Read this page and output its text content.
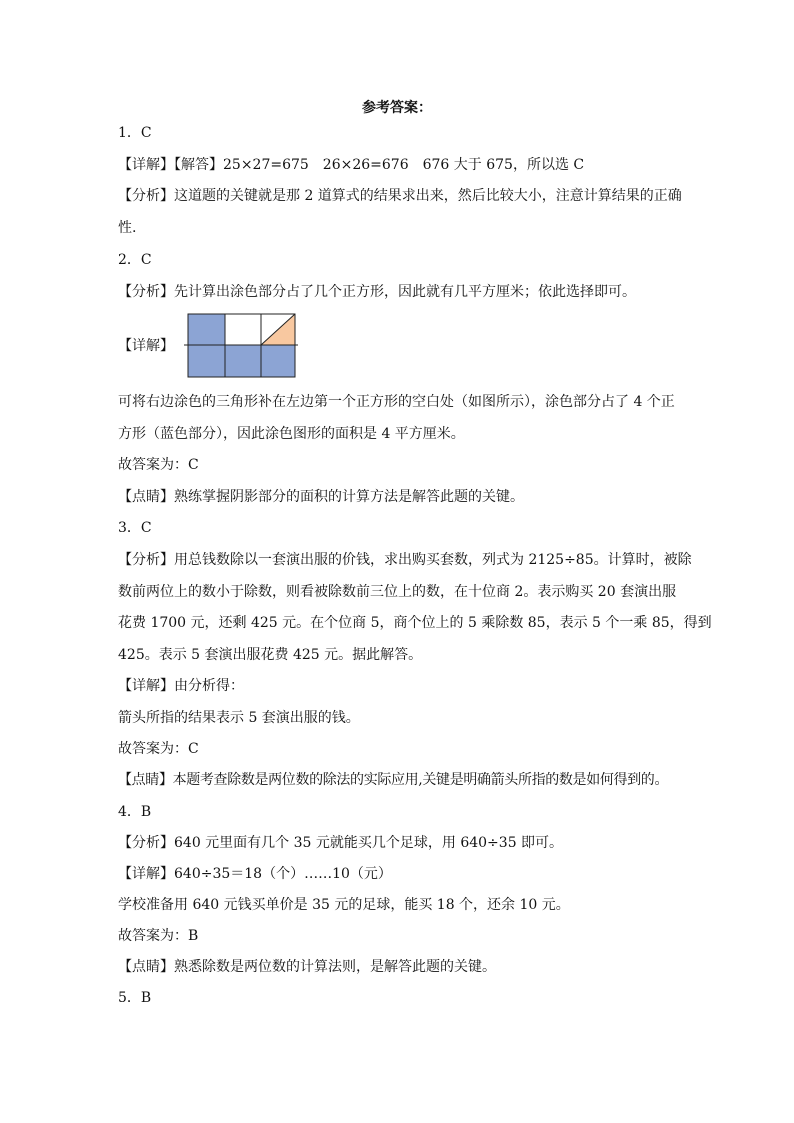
参考答案：
1．C
【详解】【解答】25×27=675　26×26=676　676 大于 675，所以选 C
【分析】这道题的关键就是那 2 道算式的结果求出来，然后比较大小，注意计算结果的正确
性.
2．C
【分析】先计算出涂色部分占了几个正方形，因此就有几平方厘米；依此选择即可。
【详解】
可将右边涂色的三角形补在左边第一个正方形的空白处（如图所示），涂色部分占了 4 个正
方形（蓝色部分），因此涂色图形的面积是 4 平方厘米。
故答案为：C
【点睛】熟练掌握阴影部分的面积的计算方法是解答此题的关键。
3．C
【分析】用总钱数除以一套演出服的价钱，求出购买套数，列式为 2125÷85。计算时，被除
数前两位上的数小于除数，则看被除数前三位上的数，在十位商 2。表示购买 20 套演出服
花费 1700 元，还剩 425 元。在个位商 5，商个位上的 5 乘除数 85，表示 5 个一乘 85，得到
425。表示 5 套演出服花费 425 元。据此解答。
【详解】由分析得：
箭头所指的结果表示 5 套演出服的钱。
故答案为：C
【点睛】本题考查除数是两位数的除法的实际应用,关键是明确箭头所指的数是如何得到的。
4．B
【分析】640 元里面有几个 35 元就能买几个足球，用 640÷35 即可。
【详解】640÷35＝18（个）……10（元）
学校准备用 640 元钱买单价是 35 元的足球，能买 18 个，还余 10 元。
故答案为：B
【点睛】熟悉除数是两位数的计算法则，是解答此题的关键。
5．B
